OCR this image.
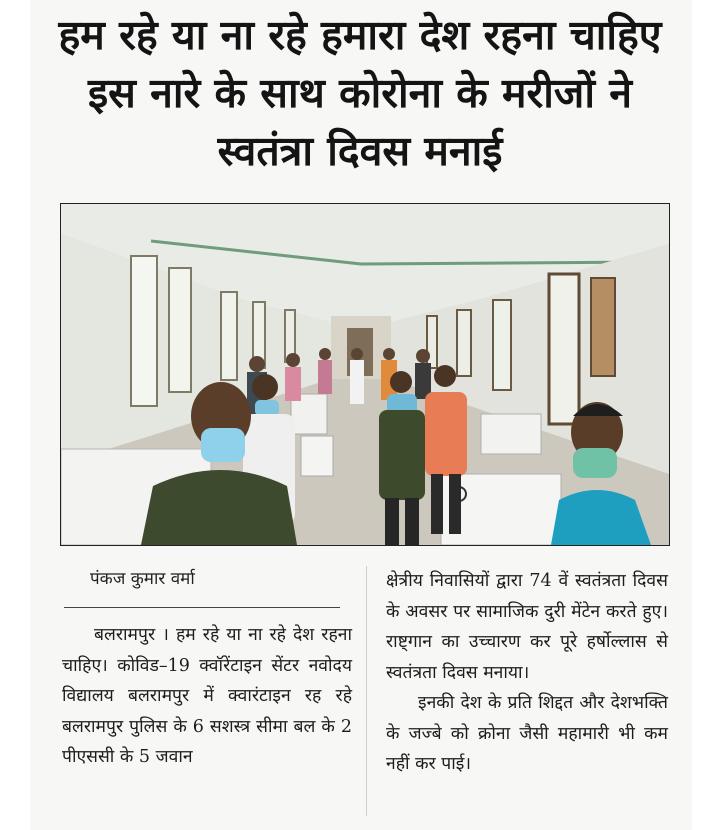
हम रहे या ना रहे हमारा देश रहना चाहिए इस नारे के साथ कोरोना के मरीजों ने स्वतंत्रा दिवस मनाई
पंकज कुमार वर्मा

बलरामपुर । हम रहे या ना रहे देश रहना चाहिए। कोविड–19 क्वॉरेंटाइन सेंटर नवोदय विद्यालय बलरामपुर में क्वारंटाइन रह रहे बलरामपुर पुलिस के 6 सशस्त्र सीमा बल के 2 पीएससी के 5 जवान

क्षेत्रीय निवासियों द्वारा 74 वें स्वतंत्रता दिवस के अवसर पर सामाजिक दुरी मेंटेन करते हुए। राष्ट्गान का उच्चारण कर पूरे हर्षोल्लास से स्वतंत्रता दिवस मनाया।

इनकी देश के प्रति शिद्दत और देशभक्ति के जज्बे को क्रोना जैसी महामारी भी कम नहीं कर पाई।
